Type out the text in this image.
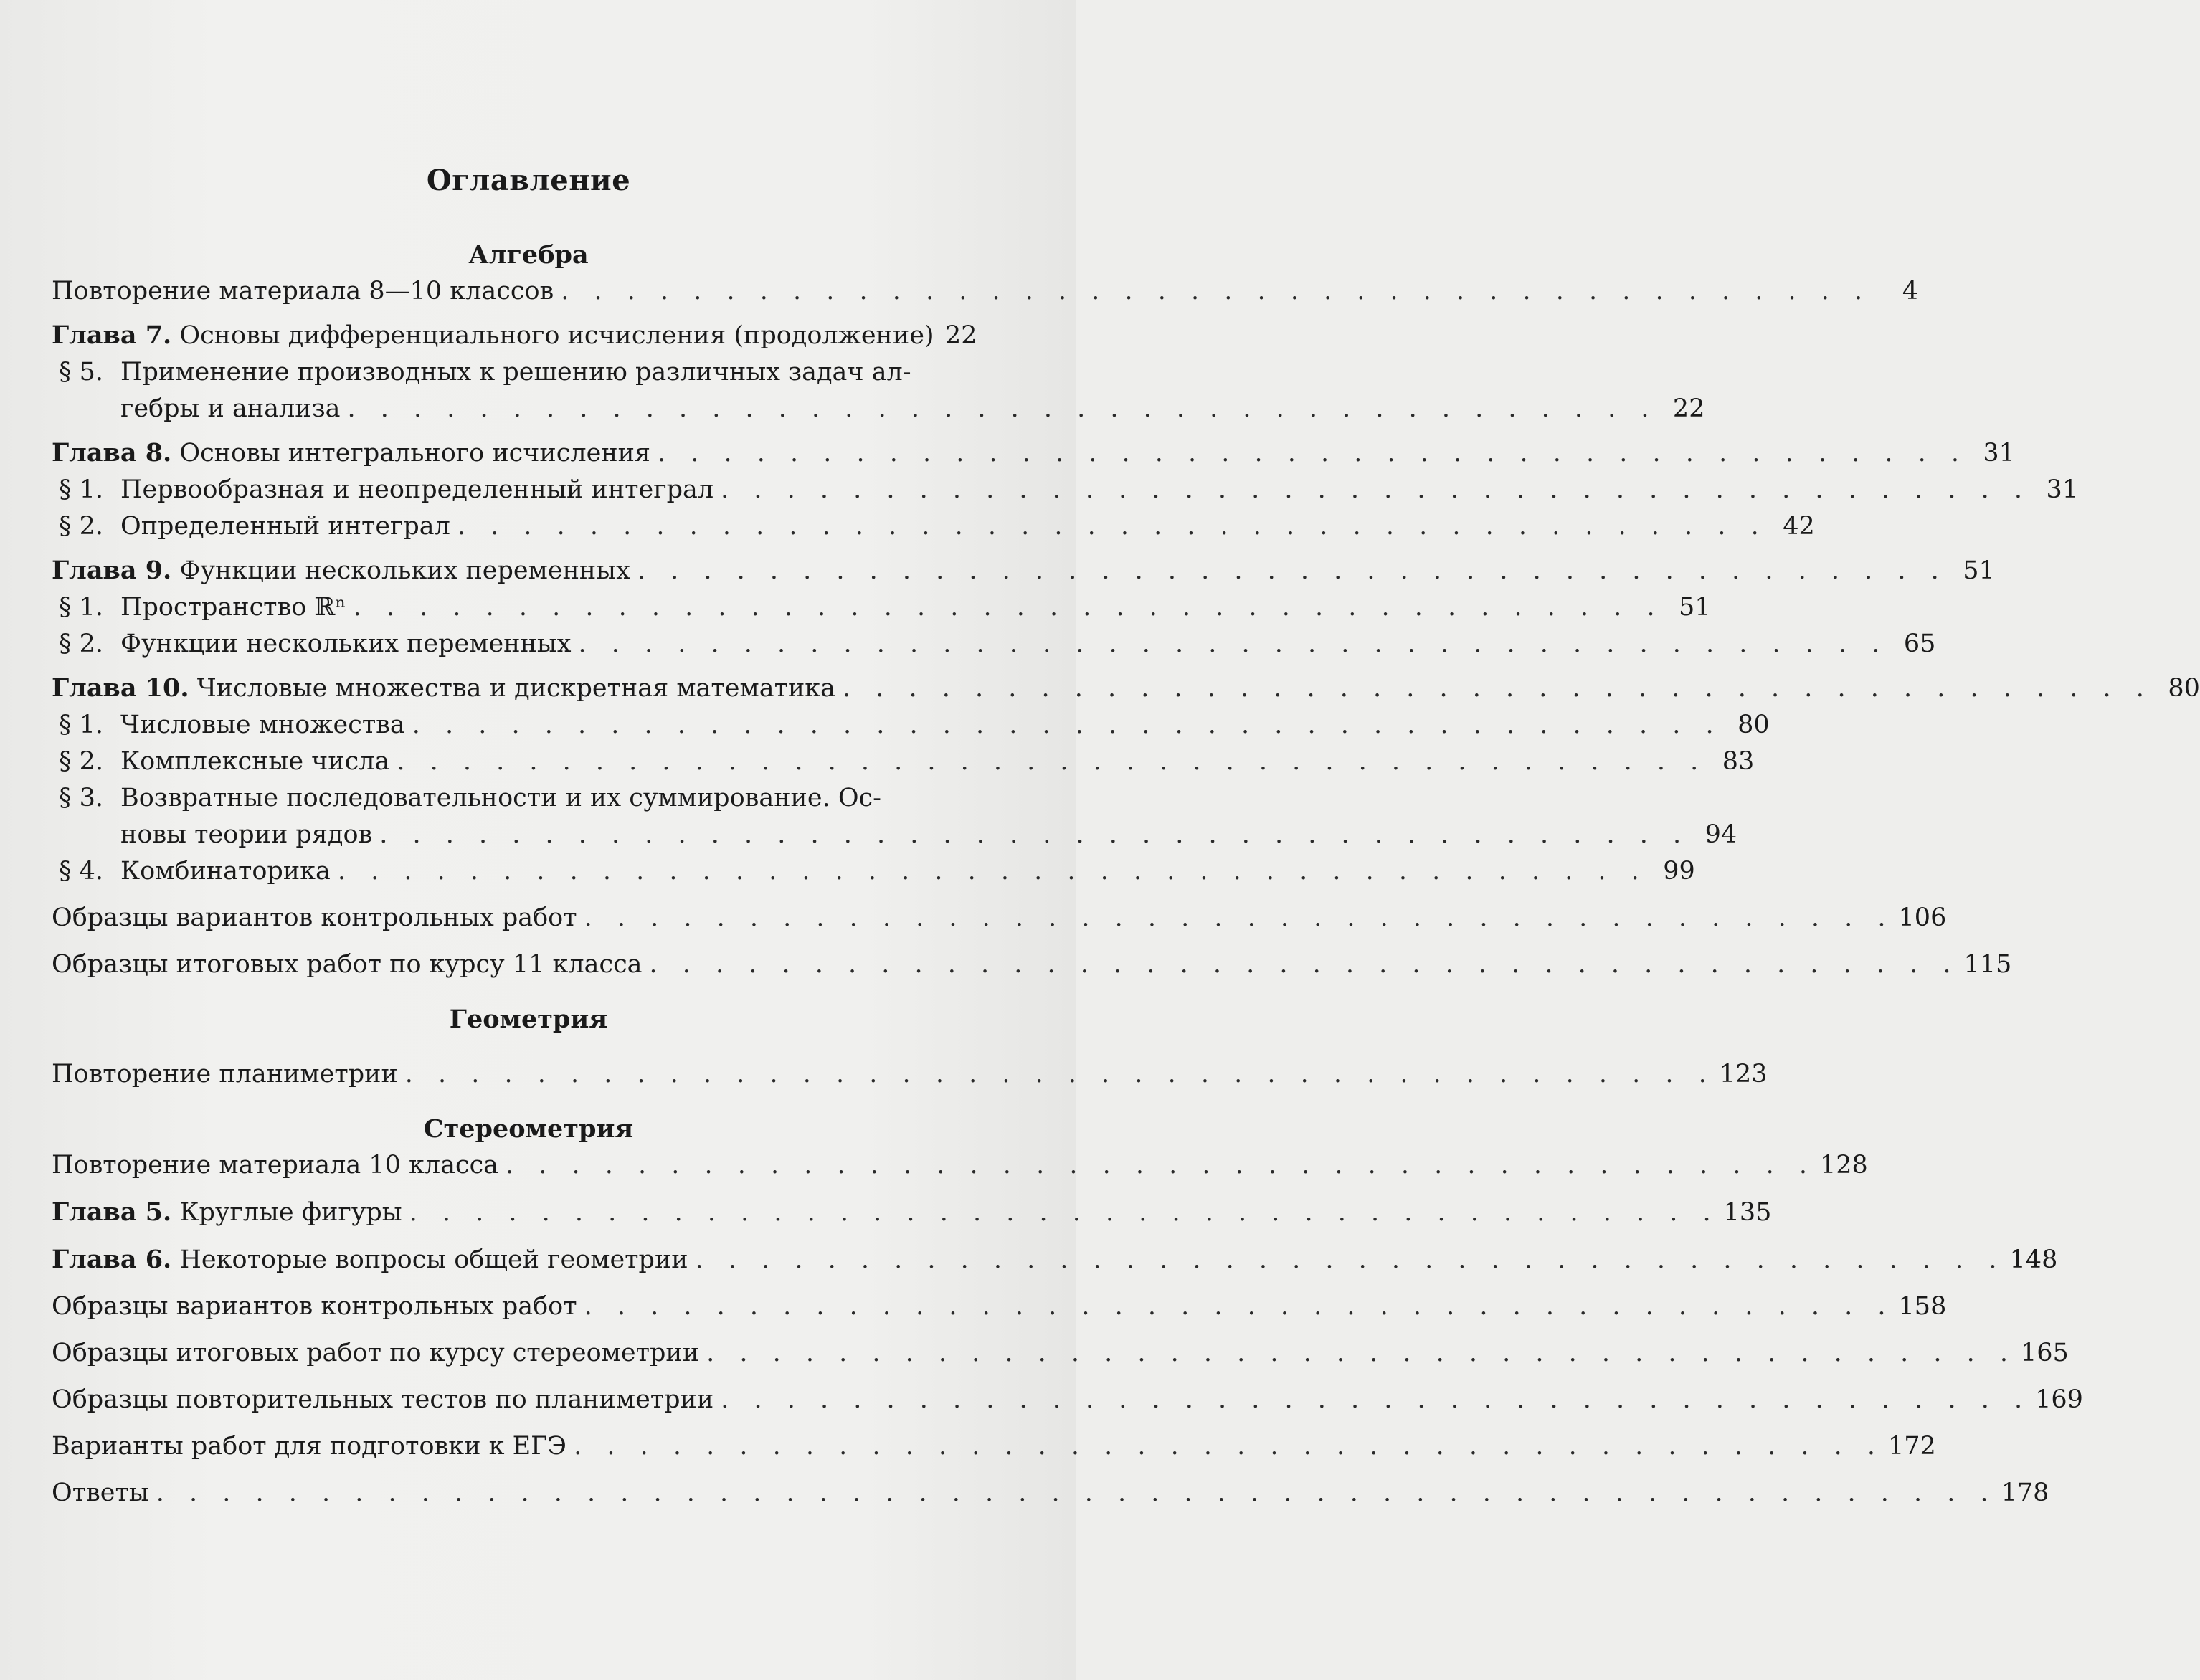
Оглавление
Алгебра
Повторение материала 8—10 классов . . . . . . . . . . . . . . . . . . . . . . . . . . . . . . . . . . . . . . . .	4
Глава 7. Основы дифференциального исчисления (продолжение) 22
§ 5. Применение производных к решению различных задач ал-
гебры и анализа . . . . . . . . . . . . . . . . . . . . . . . . . . . . . . . . . . . . . . . . 22
Глава 8. Основы интегрального исчисления . . . . . . . . . . . . . . . . . . . . . . . . . . . . . . . . . . . . . . . . 31
§ 1. Первообразная и неопределенный интеграл . . . . . . . . . . . . . . . . . . . . . . . . . . . . . . . . . . . . . . . . 31
§ 2. Определенный интеграл . . . . . . . . . . . . . . . . . . . . . . . . . . . . . . . . . . . . . . . . 42
Глава 9. Функции нескольких переменных . . . . . . . . . . . . . . . . . . . . . . . . . . . . . . . . . . . . . . . . 51
§ 1. Пространство ℝⁿ . . . . . . . . . . . . . . . . . . . . . . . . . . . . . . . . . . . . . . . . 51
§ 2. Функции нескольких переменных . . . . . . . . . . . . . . . . . . . . . . . . . . . . . . . . . . . . . . . . 65
Глава 10. Числовые множества и дискретная математика . . . . . . . . . . . . . . . . . . . . . . . . . . . . . . . . . . . . . . . . 80
§ 1. Числовые множества . . . . . . . . . . . . . . . . . . . . . . . . . . . . . . . . . . . . . . . . 80
§ 2. Комплексные числа . . . . . . . . . . . . . . . . . . . . . . . . . . . . . . . . . . . . . . . . 83
§ 3. Возвратные последовательности и их суммирование. Ос-
новы теории рядов . . . . . . . . . . . . . . . . . . . . . . . . . . . . . . . . . . . . . . . . 94
§ 4. Комбинаторика . . . . . . . . . . . . . . . . . . . . . . . . . . . . . . . . . . . . . . . . 99
Образцы вариантов контрольных работ . . . . . . . . . . . . . . . . . . . . . . . . . . . . . . . . . . . . . . . . 106
Образцы итоговых работ по курсу 11 класса . . . . . . . . . . . . . . . . . . . . . . . . . . . . . . . . . . . . . . . . 115
Геометрия
Повторение планиметрии . . . . . . . . . . . . . . . . . . . . . . . . . . . . . . . . . . . . . . . . 123
Стереометрия
Повторение материала 10 класса . . . . . . . . . . . . . . . . . . . . . . . . . . . . . . . . . . . . . . . . 128
Глава 5. Круглые фигуры . . . . . . . . . . . . . . . . . . . . . . . . . . . . . . . . . . . . . . . . 135
Глава 6. Некоторые вопросы общей геометрии . . . . . . . . . . . . . . . . . . . . . . . . . . . . . . . . . . . . . . . . 148
Образцы вариантов контрольных работ . . . . . . . . . . . . . . . . . . . . . . . . . . . . . . . . . . . . . . . . 158
Образцы итоговых работ по курсу стереометрии . . . . . . . . . . . . . . . . . . . . . . . . . . . . . . . . . . . . . . . . 165
Образцы повторительных тестов по планиметрии . . . . . . . . . . . . . . . . . . . . . . . . . . . . . . . . . . . . . . . . 169
Варианты работ для подготовки к ЕГЭ . . . . . . . . . . . . . . . . . . . . . . . . . . . . . . . . . . . . . . . . 172
Ответы . . . . . . . . . . . . . . . . . . . . . . . . . . . . . . . . . . . . . . . . . . . . . . . . . . . . . . . . 178
